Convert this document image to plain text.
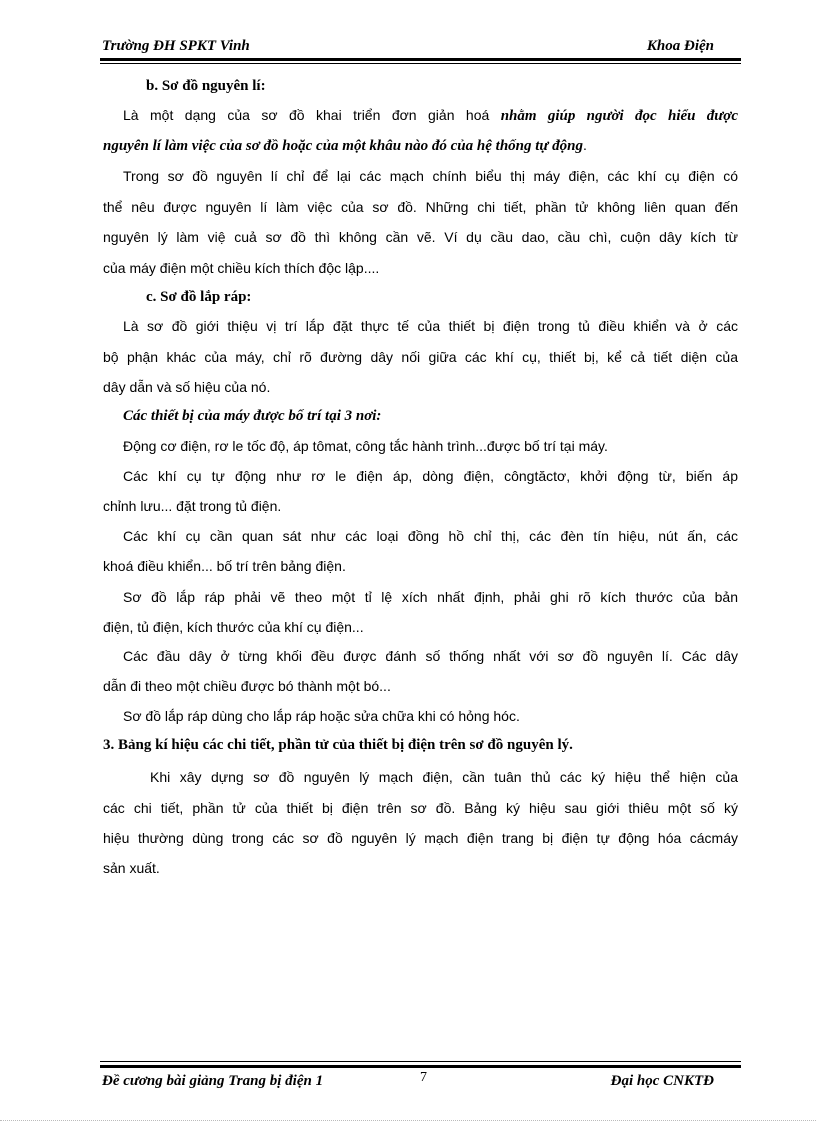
Trường ĐH SPKT Vinh	Khoa Điện
b. Sơ đồ nguyên lí:
Là một dạng của sơ đồ khai triển đơn giản hoá nhằm giúp người đọc hiểu được
nguyên lí làm việc của sơ đồ hoặc của một khâu nào đó của hệ thống tự động.
Trong sơ đồ nguyên lí chỉ để lại các mạch chính biểu thị máy điện, các khí cụ điện có
thể nêu được nguyên lí làm việc của sơ đồ. Những chi tiết, phần tử không liên quan đến
nguyên lý làm việ cuả sơ đồ thì không cần vẽ. Ví dụ cầu dao, cầu chì, cuộn dây kích từ
của máy điện một chiều kích thích độc lập....
c. Sơ đồ lắp ráp:
Là sơ đồ giới thiệu vị trí lắp đặt thực tế của thiết bị điện trong tủ điều khiển và ở các
bộ phận khác của máy, chỉ rõ đường dây nối giữa các khí cụ, thiết bị, kể cả tiết diện của
dây dẫn và số hiệu của nó.
Các thiết bị của máy được bố trí tại 3 nơi:
Động cơ điện, rơ le tốc độ, áp tômat, công tắc hành trình...được bố trí tại máy.
Các khí cụ tự động như rơ le điện áp, dòng điện, côngtăctơ, khởi động từ, biến áp
chỉnh lưu... đặt trong tủ điện.
Các khí cụ cần quan sát như các loại đồng hồ chỉ thị, các đèn tín hiệu, nút ấn, các
khoá điều khiển... bố trí trên bảng điện.
Sơ đồ lắp ráp phải vẽ theo một tỉ lệ xích nhất định, phải ghi rõ kích thước của bản
điện, tủ điện, kích thước của khí cụ điện...
Các đầu dây ở từng khối đều được đánh số thống nhất với sơ đồ nguyên lí. Các dây
dẫn đi theo một chiều được bó thành một bó...
Sơ đồ lắp ráp dùng cho lắp ráp hoặc sửa chữa khi có hỏng hóc.
3. Bảng kí hiệu các chi tiết, phần tử của thiết bị điện trên sơ đồ nguyên lý.
Khi xây dựng sơ đồ nguyên lý mạch điện, cần tuân thủ các ký hiệu thể hiện của
các chi tiết, phần tử của thiết bị điện trên sơ đồ. Bảng ký hiệu sau giới thiêu một số ký
hiệu thường dùng trong các sơ đồ nguyên lý mạch điện trang bị điện tự động hóa cácmáy
sản xuất.
Đề cương bài giảng Trang bị điện 1	7	Đại học CNKTĐ
